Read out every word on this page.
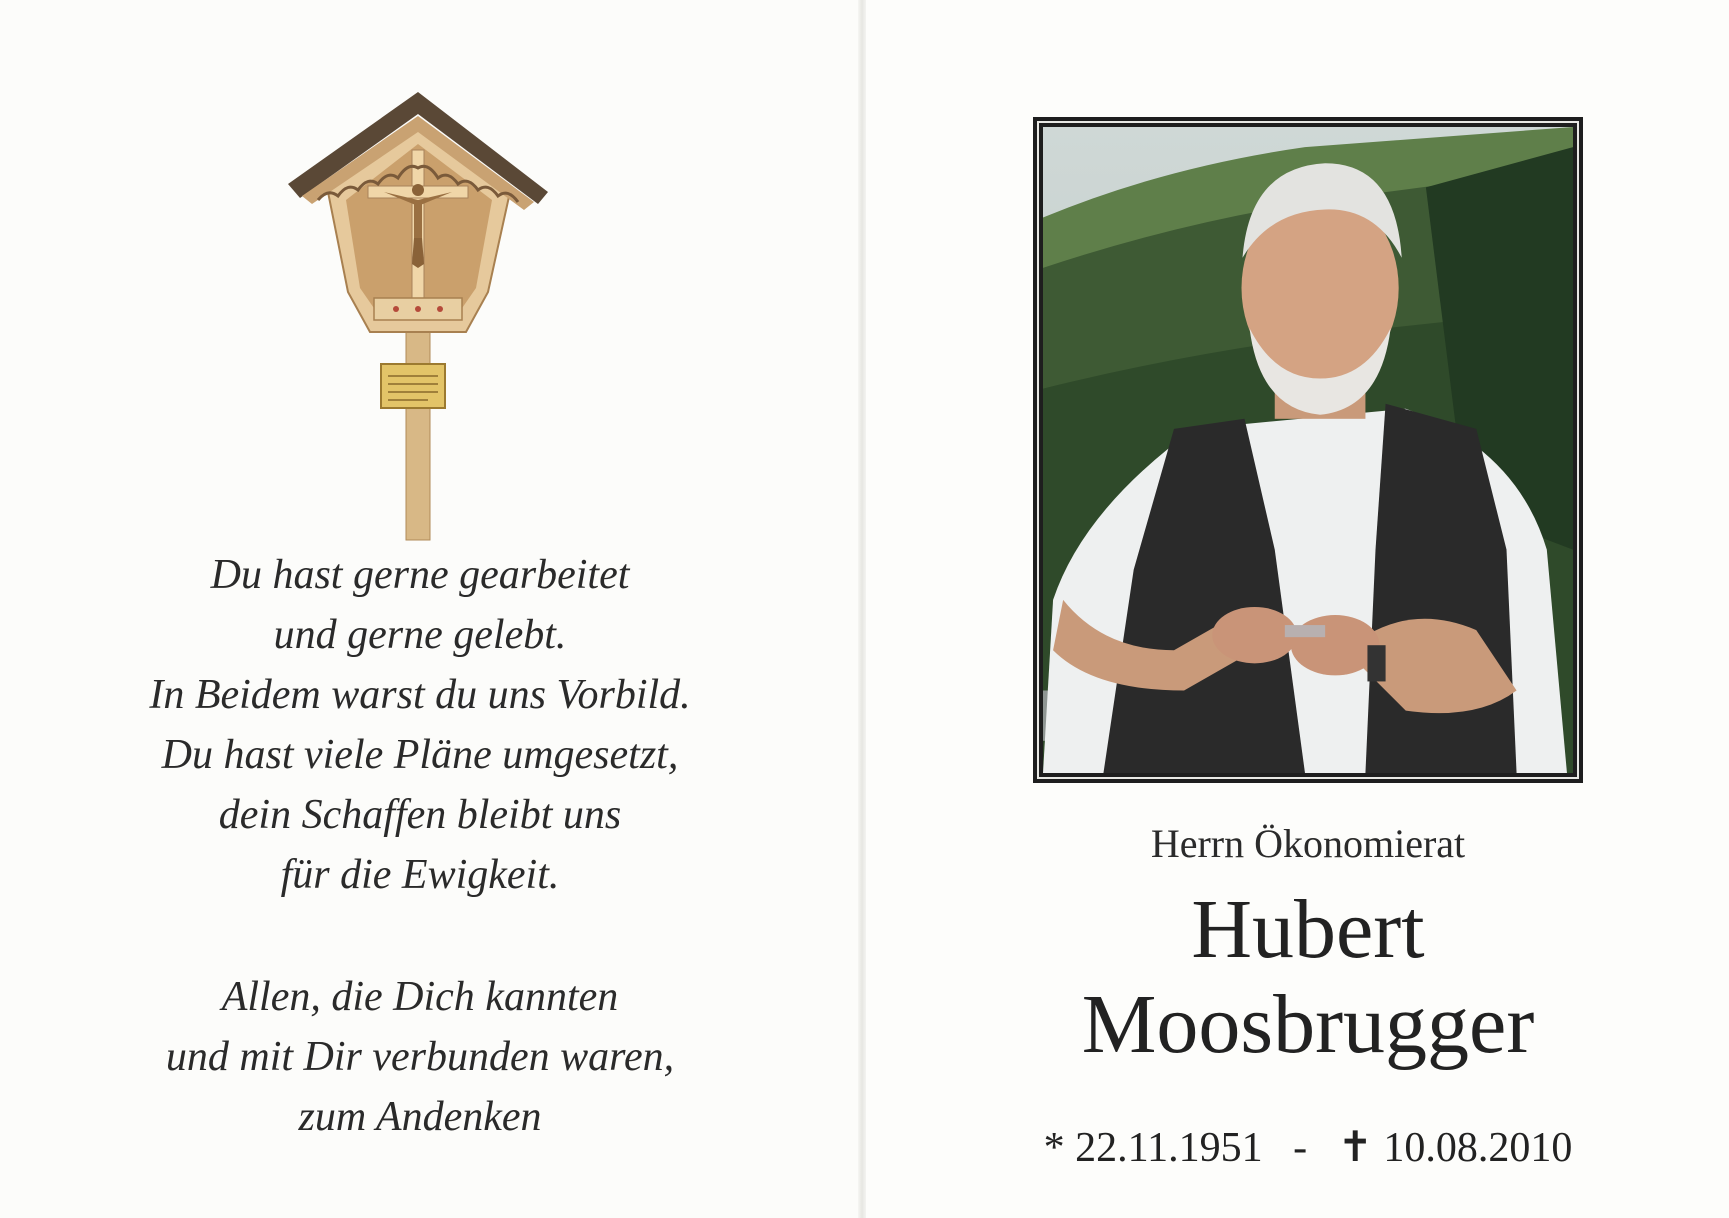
Du hast gerne gearbeitet
und gerne gelebt.
In Beidem warst du uns Vorbild.
Du hast viele Pläne umgesetzt,
dein Schaffen bleibt uns
für die Ewigkeit.
Allen, die Dich kannten
und mit Dir verbunden waren,
zum Andenken
Herrn Ökonomierat
Hubert
Moosbrugger
* 22.11.1951 - ✝ 10.08.2010
